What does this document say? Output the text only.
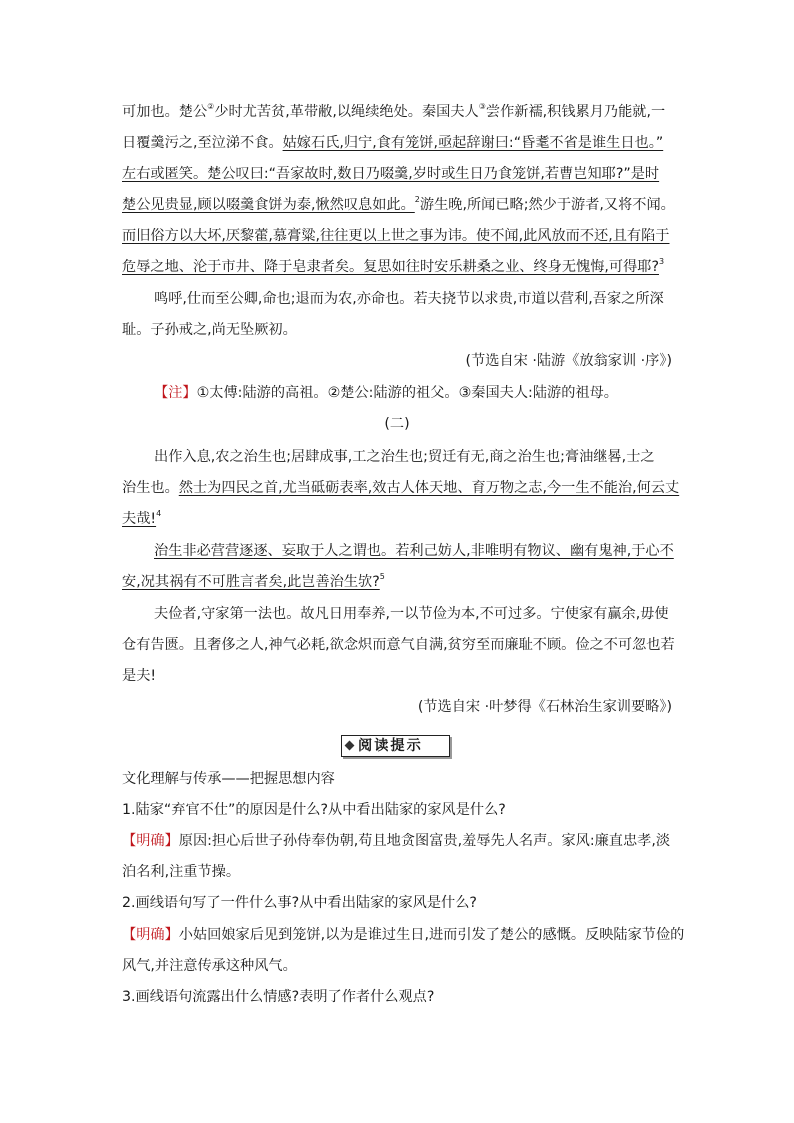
可加也。楚公②少时尤苦贫,革带敝,以绳续绝处。秦国夫人③尝作新襦,积钱累月乃能就,一
日覆羹污之,至泣涕不食。姑嫁石氏,归宁,食有笼饼,亟起辞谢曰:“昏耄不省是谁生日也。”
左右或匿笑。楚公叹曰:“吾家故时,数日乃啜羹,岁时或生日乃食笼饼,若曹岂知耶?”是时
楚公见贵显,顾以啜羹食饼为泰,愀然叹息如此。$^2$游生晚,所闻已略;然少于游者,又将不闻。
而旧俗方以大坏,厌黎藿,慕膏粱,往往更以上世之事为讳。使不闻,此风放而不还,且有陷于
危辱之地、沦于市井、降于皂隶者矣。复思如往时安乐耕桑之业、终身无愧悔,可得耶?$^3$
鸣呼,仕而至公卿,命也;退而为农,亦命也。若夫挠节以求贵,市道以营利,吾家之所深
耻。子孙戒之,尚无坠厥初。
(节选自宋 ·陆游《放翁家训 ·序》)
【注】①太傅:陆游的高祖。②楚公:陆游的祖父。③秦国夫人:陆游的祖母。
(二)
出作入息,农之治生也;居肆成事,工之治生也;贸迁有无,商之治生也;膏油继晷,士之
治生也。然士为四民之首,尤当砥砺表率,效古人体天地、育万物之志,今一生不能治,何云丈
夫哉!$^4$
治生非必营营逐逐、妄取于人之谓也。若利己妨人,非唯明有物议、幽有鬼神,于心不
安,况其祸有不可胜言者矣,此岂善治生欤?$^5$
夫俭者,守家第一法也。故凡日用奉养,一以节俭为本,不可过多。宁使家有赢余,毋使
仓有告匮。且奢侈之人,神气必耗,欲念炽而意气自满,贫穷至而廉耻不顾。俭之不可忽也若
是夫!
(节选自宋 ·叶梦得《石林治生家训要略》)
阅读提示
文化理解与传承——把握思想内容
1.陆家“弃官不仕”的原因是什么?从中看出陆家的家风是什么?
【明确】原因:担心后世子孙侍奉伪朝,苟且地贪图富贵,羞辱先人名声。家风:廉直忠孝,淡
泊名利,注重节操。
2.画线语句写了一件什么事?从中看出陆家的家风是什么?
【明确】小姑回娘家后见到笼饼,以为是谁过生日,进而引发了楚公的感慨。反映陆家节俭的
风气,并注意传承这种风气。
3.画线语句流露出什么情感?表明了作者什么观点?
